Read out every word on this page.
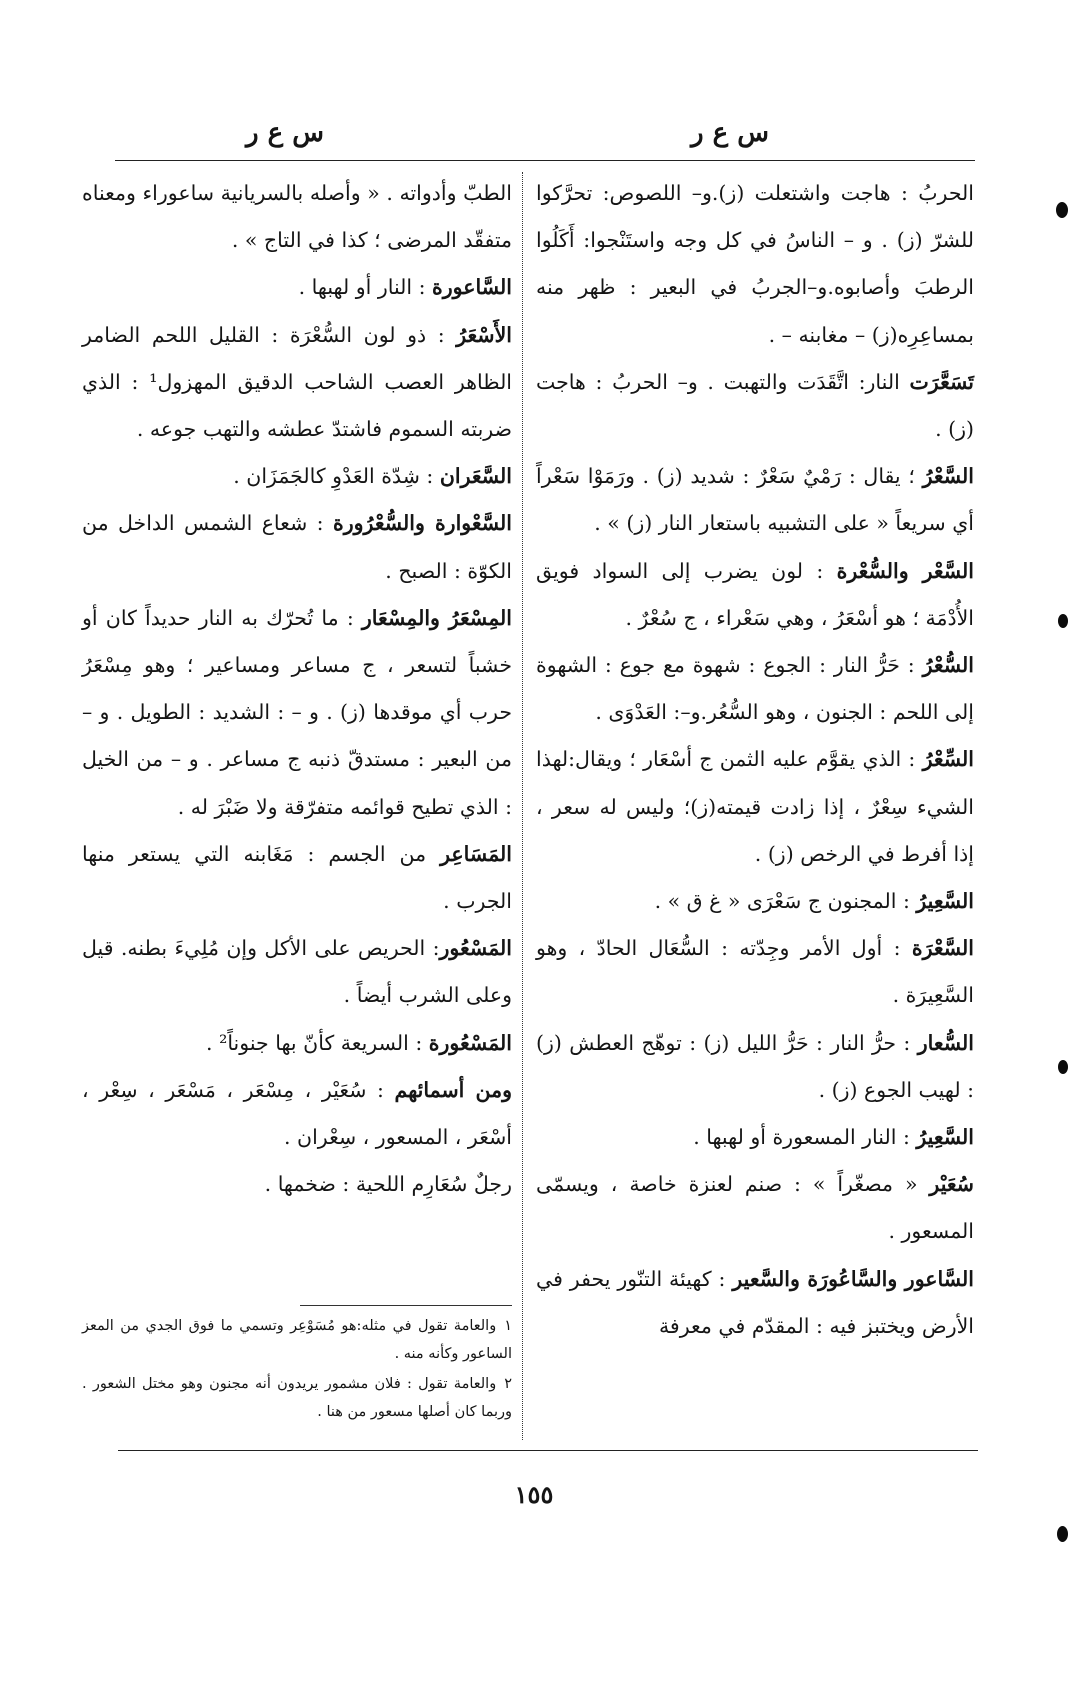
س ع ر
س ع ر

الحربُ : هاجت واشتعلت (ز).و– اللصوص: تحرَّكوا للشرّ (ز) . و – الناسُ في كل وجه واستَنْجوا: أَكَلُوا الرطبَ وأصابوه.و–الجربُ في البعير : ظهر منه بمساعِرِه(ز) – مغابنه – .

تَسَعَّرَت النار: اتَّقَدَت والتهبت . و– الحربُ : هاجت (ز) .

السَّعْرُ ؛ يقال : رَمْيٌ سَعْرٌ : شديد (ز) . ورَمَوْا سَعْراً أي سريعاً « على التشبيه باستعار النار (ز) » .

السَّعْر والسُّعْرة : لون يضرب إلى السواد فويق الأُدْمَة ؛ هو أسْعَرُ ، وهي سَعْراء ، ج سُعْرٌ .

السُّعْرُ : حَرُّ النار : الجوع : شهوة مع جوع : الشهوة إلى اللحم : الجنون ، وهو السُّعُر.و–: العَدْوَى .

السِّعْرُ : الذي يقوَّم عليه الثمن ج أسْعَار ؛ ويقال:لهذا الشيء سِعْرٌ ، إذا زادت قيمته(ز)؛ وليس له سعر ، إذا أفرط في الرخص (ز) .

السَّعِيرُ : المجنون ج سَعْرَى « غ ق » .

السَّعْرَة : أول الأمر وجِدّته : السُّعَال الحادّ ، وهو السَّعِيرَة .

السُّعار : حرُّ النار : حَرُّ الليل (ز) : توهّج العطش (ز) : لهيب الجوع (ز) .

السَّعِيرُ : النار المسعورة أو لهبها .

سُعَيْر « مصغّراً » : صنم لعنزة خاصة ، ويسمّى المسعور .

السَّاعور والسَّاعُورَة والسَّعير : كهيئة التنّور يحفر في الأرض ويختبز فيه : المقدّم في معرفة

الطبّ وأدواته . « وأصله بالسريانية ساعوراء ومعناه متفقّد المرضى ؛ كذا في التاج » .

السَّاعورة : النار أو لهبها .

الأَسْعَرُ : ذو لون السُّعْرَة : القليل اللحم الضامر الظاهر العصب الشاحب الدقيق المهزول¹ : الذي ضربته السموم فاشتدّ عطشه والتهب جوعه .

السَّعَران : شِدّة العَدْوِ كالجَمَزَان .

السَّعْوارة والسُّعْرُورة : شعاع الشمس الداخل من الكوّة : الصبح .

المِسْعَرُ والمِسْعَار : ما تُحرّك به النار حديداً كان أو خشباً لتسعر ، ج مساعر ومساعير ؛ وهو مِسْعَرُ حرب أي موقدها (ز) . و – : الشديد : الطويل . و – من البعير : مستدقّ ذنبه ج مساعر . و – من الخيل : الذي تطيح قوائمه متفرّقة ولا ضَبْرَ له .

المَسَاعِر من الجسم : مَغَابنه التي يستعر منها الجرب .

المَسْعُور: الحريص على الأكل وإن مُلِيءَ بطنه. قيل وعلى الشرب أيضاً .

المَسْعُورة : السريعة كأنّ بها جنوناً² .

ومن أسمائهم : سُعَيْر ، مِسْعَر ، مَسْعَر ، سِعْر ، أسْعَر ، المسعور ، سِعْران .

رجلٌ سُعَارِم اللحية : ضخمها .

١والعامة تقول في مثله:هو مُسَوْعِر وتسمي ما فوق الجدي من المعز الساعور وكأنه منه .

٢والعامة تقول : فلان مشمور يريدون أنه مجنون وهو مختل الشعور . وربما كان أصلها مسعور من هنا .

١٥٥
